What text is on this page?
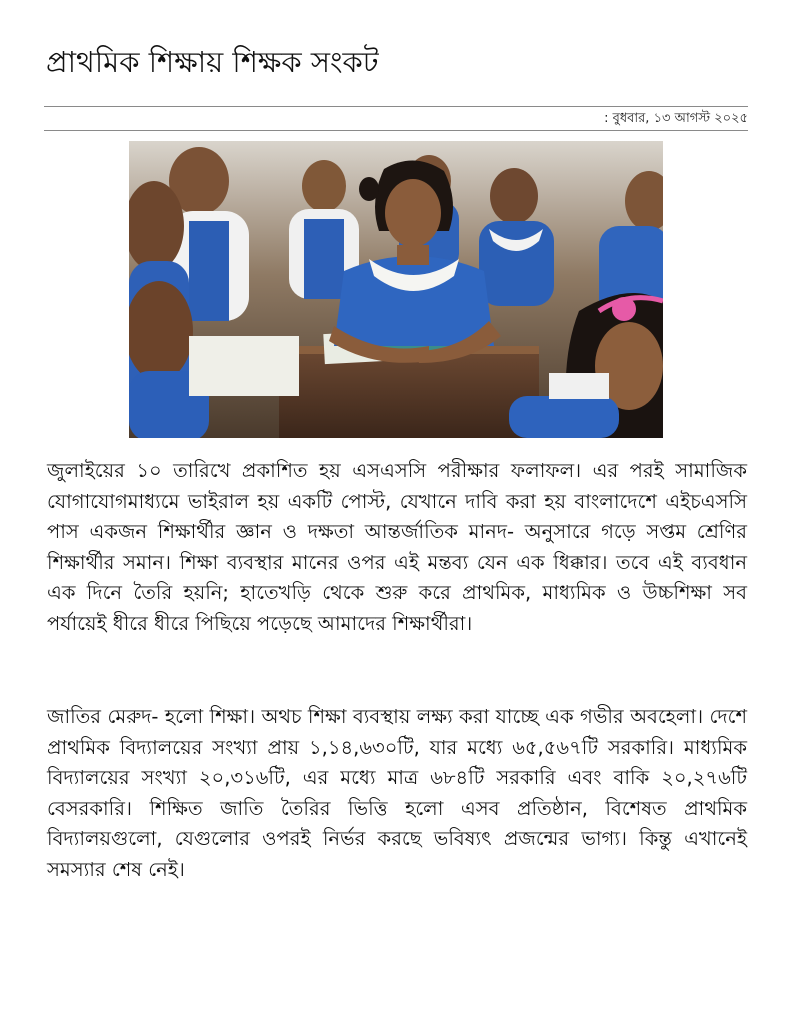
প্রাথমিক শিক্ষায় শিক্ষক সংকট
: বুধবার, ১৩ আগস্ট ২০২৫

জুলাইয়ের ১০ তারিখে প্রকাশিত হয় এসএসসি পরীক্ষার ফলাফল। এর পরই সামাজিক যোগাযোগমাধ্যমে ভাইরাল হয় একটি পোস্ট, যেখানে দাবি করা হয় বাংলাদেশে এইচএসসি পাস একজন শিক্ষার্থীর জ্ঞান ও দক্ষতা আন্তর্জাতিক মানদ- অনুসারে গড়ে সপ্তম শ্রেণির শিক্ষার্থীর সমান। শিক্ষা ব্যবস্থার মানের ওপর এই মন্তব্য যেন এক ধিক্কার। তবে এই ব্যবধান এক দিনে তৈরি হয়নি; হাতেখড়ি থেকে শুরু করে প্রাথমিক, মাধ্যমিক ও উচ্চশিক্ষা সব পর্যায়েই ধীরে ধীরে পিছিয়ে পড়েছে আমাদের শিক্ষার্থীরা।

জাতির মেরুদ- হলো শিক্ষা। অথচ শিক্ষা ব্যবস্থায় লক্ষ্য করা যাচ্ছে এক গভীর অবহেলা। দেশে প্রাথমিক বিদ্যালয়ের সংখ্যা প্রায় ১,১৪,৬৩০টি, যার মধ্যে ৬৫,৫৬৭টি সরকারি। মাধ্যমিক বিদ্যালয়ের সংখ্যা ২০,৩১৬টি, এর মধ্যে মাত্র ৬৮৪টি সরকারি এবং বাকি ২০,২৭৬টি বেসরকারি। শিক্ষিত জাতি তৈরির ভিত্তি হলো এসব প্রতিষ্ঠান, বিশেষত প্রাথমিক বিদ্যালয়গুলো, যেগুলোর ওপরই নির্ভর করছে ভবিষ্যৎ প্রজন্মের ভাগ্য। কিন্তু এখানেই সমস্যার শেষ নেই।
